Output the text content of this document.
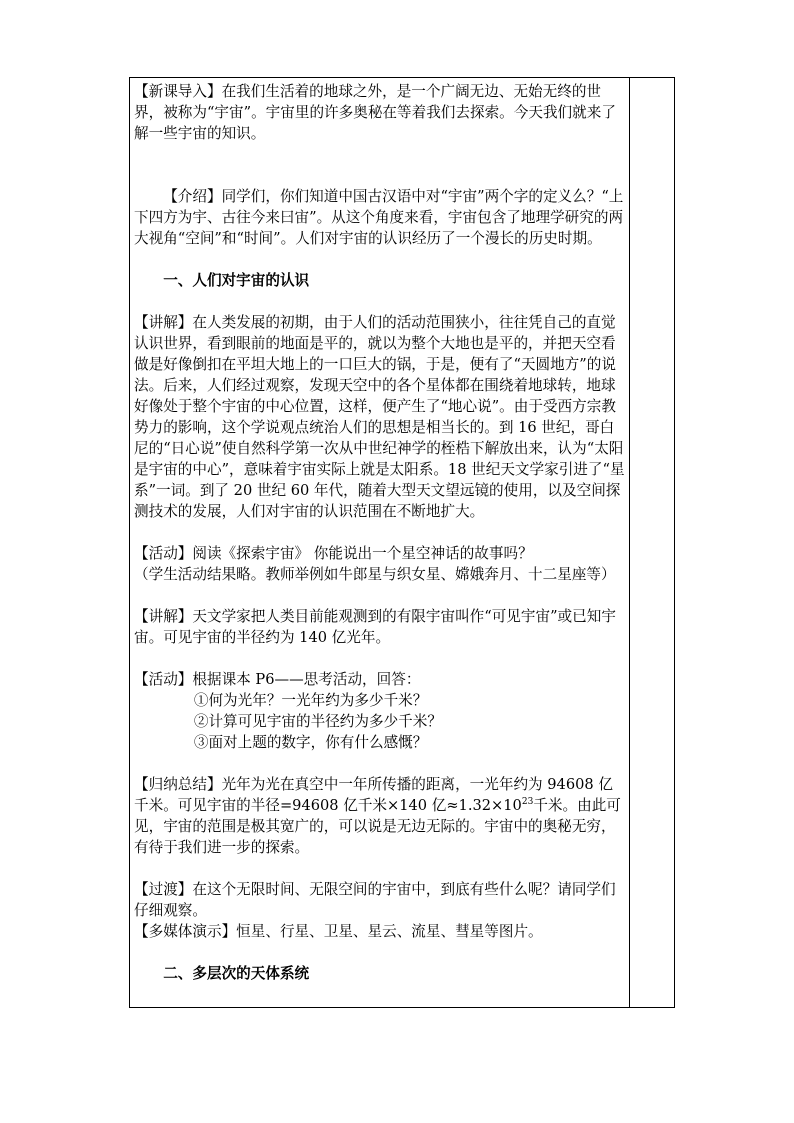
【新课导入】在我们生活着的地球之外，是一个广阔无边、无始无终的世界，被称为“宇宙”。宇宙里的许多奥秘在等着我们去探索。今天我们就来了解一些宇宙的知识。

【介绍】同学们，你们知道中国古汉语中对“宇宙”两个字的定义么？“上下四方为宇、古往今来曰宙”。从这个角度来看，宇宙包含了地理学研究的两大视角“空间”和“时间”。人们对宇宙的认识经历了一个漫长的历史时期。

一、人们对宇宙的认识

【讲解】在人类发展的初期，由于人们的活动范围狭小，往往凭自己的直觉认识世界，看到眼前的地面是平的，就以为整个大地也是平的，并把天空看做是好像倒扣在平坦大地上的一口巨大的锅，于是，便有了“天圆地方”的说法。后来，人们经过观察，发现天空中的各个星体都在围绕着地球转，地球好像处于整个宇宙的中心位置，这样，便产生了“地心说”。由于受西方宗教势力的影响，这个学说观点统治人们的思想是相当长的。到 16 世纪，哥白尼的“日心说”使自然科学第一次从中世纪神学的桎梏下解放出来，认为“太阳是宇宙的中心”，意味着宇宙实际上就是太阳系。18 世纪天文学家引进了“星系”一词。到了 20 世纪 60 年代，随着大型天文望远镜的使用，以及空间探测技术的发展，人们对宇宙的认识范围在不断地扩大。

【活动】阅读《探索宇宙》 你能说出一个星空神话的故事吗？

（学生活动结果略。教师举例如牛郎星与织女星、嫦娥奔月、十二星座等）

【讲解】天文学家把人类目前能观测到的有限宇宙叫作“可见宇宙”或已知宇宙。可见宇宙的半径约为 140 亿光年。

【活动】根据课本 P6——思考活动，回答：

①何为光年？一光年约为多少千米？

②计算可见宇宙的半径约为多少千米？

③面对上题的数字，你有什么感慨？

【归纳总结】光年为光在真空中一年所传播的距离，一光年约为 94608 亿千米。可见宇宙的半径=94608 亿千米×140 亿$\approx 1.32\times 10^{23}$千米。由此可见，宇宙的范围是极其宽广的，可以说是无边无际的。宇宙中的奥秘无穷，有待于我们进一步的探索。

【过渡】在这个无限时间、无限空间的宇宙中，到底有些什么呢？请同学们仔细观察。

【多媒体演示】恒星、行星、卫星、星云、流星、彗星等图片。

二、多层次的天体系统
